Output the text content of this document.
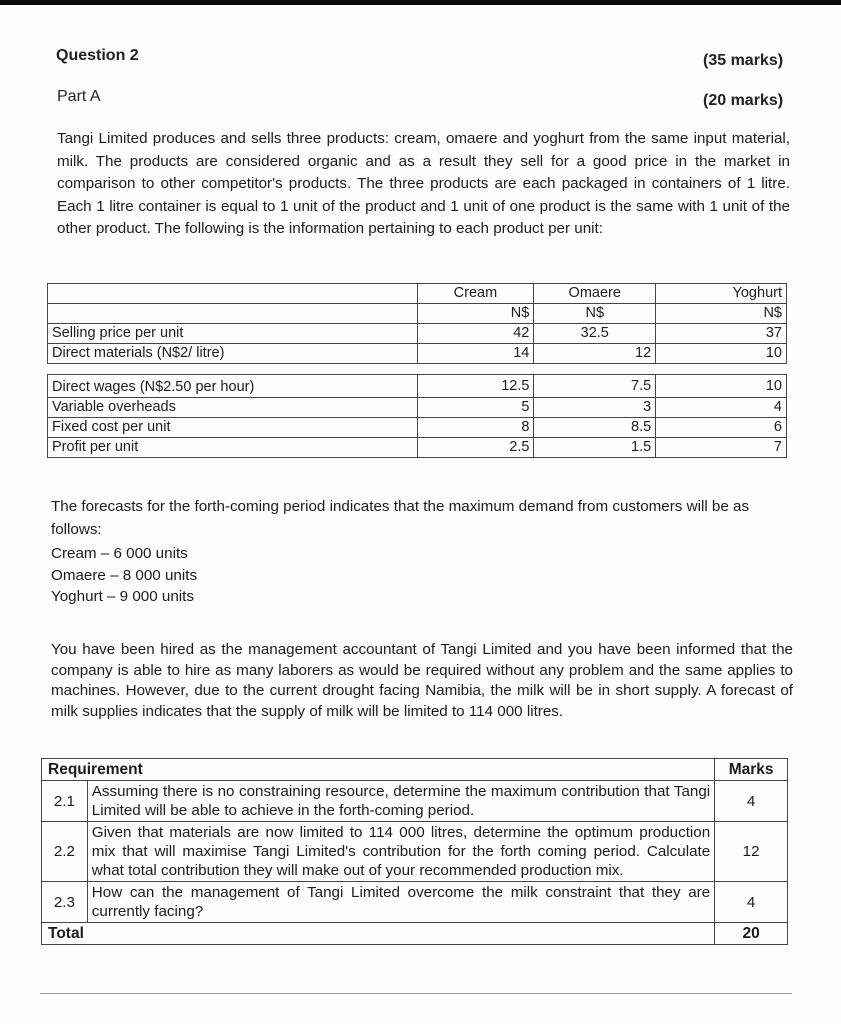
Question 2	(35 marks)
Part A	(20 marks)
Tangi Limited produces and sells three products: cream, omaere and yoghurt from the same input material, milk. The products are considered organic and as a result they sell for a good price in the market in comparison to other competitor's products. The three products are each packaged in containers of 1 litre. Each 1 litre container is equal to 1 unit of the product and 1 unit of one product is the same with 1 unit of the other product. The following is the information pertaining to each product per unit:
	Cream	Omaere	Yoghurt
	N$	N$	N$
Selling price per unit	42	32.5	37
Direct materials (N$2/ litre)	14	12	10
Direct wages (N$2.50 per hour)	12.5	7.5	10
Variable overheads	5	3	4
Fixed cost per unit	8	8.5	6
Profit per unit	2.5	1.5	7
The forecasts for the forth-coming period indicates that the maximum demand from customers will be as follows:
Cream – 6 000 units
Omaere – 8 000 units
Yoghurt – 9 000 units
You have been hired as the management accountant of Tangi Limited and you have been informed that the company is able to hire as many laborers as would be required without any problem and the same applies to machines. However, due to the current drought facing Namibia, the milk will be in short supply. A forecast of milk supplies indicates that the supply of milk will be limited to 114 000 litres.
Requirement		Marks
2.1	Assuming there is no constraining resource, determine the maximum contribution that Tangi Limited will be able to achieve in the forth-coming period.	4
2.2	Given that materials are now limited to 114 000 litres, determine the optimum production mix that will maximise Tangi Limited's contribution for the forth coming period. Calculate what total contribution they will make out of your recommended production mix.	12
2.3	How can the management of Tangi Limited overcome the milk constraint that they are currently facing?	4
Total		20
